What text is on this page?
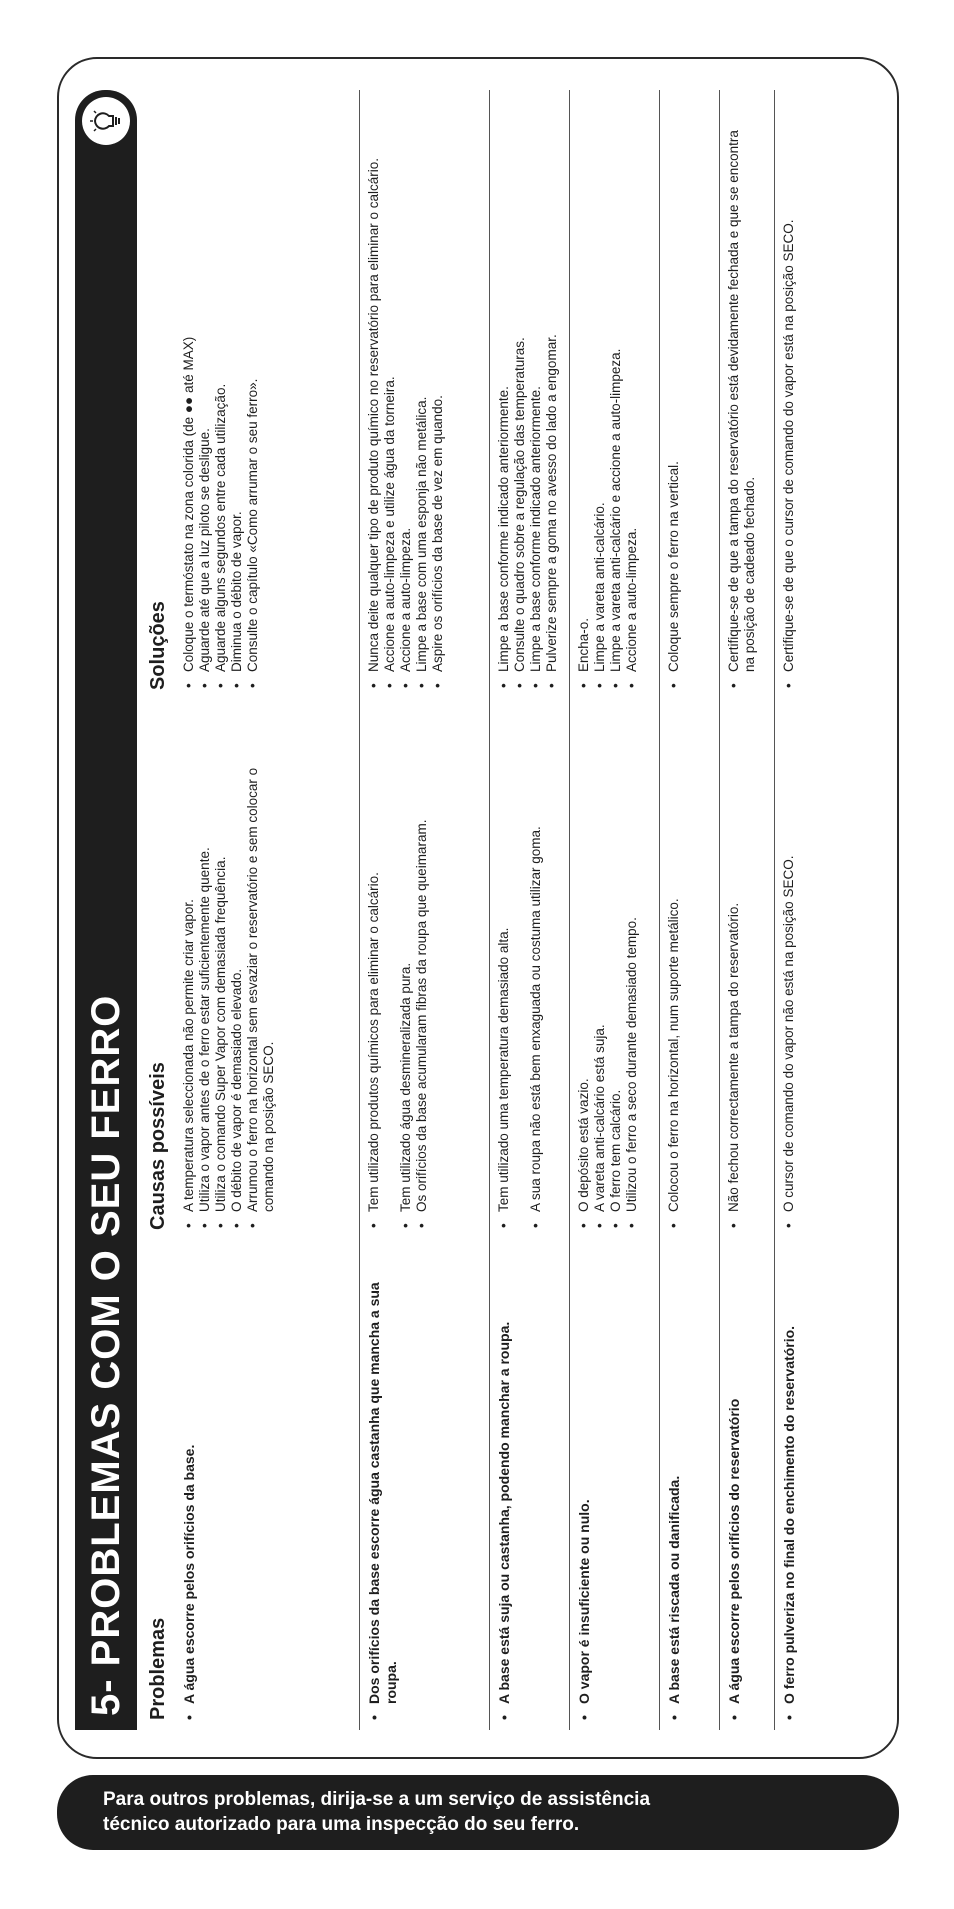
5- PROBLEMAS COM O SEU FERRO Problemas
Causas possíveis
Soluções
• A água escorre pelos orifícios da base.
• A temperatura seleccionada não permite criar vapor. • Utiliza o vapor antes de o ferro estar suficientemente quente. • Utiliza o comando Super Vapor com demasiada frequência. • O débito de vapor é demasiado elevado. • Arrumou o ferro na horizontal sem esvaziar o reservatório e sem colocar o comando na posição SECO.
• Coloque o termóstato na zona colorida (de ●● até MAX) • Aguarde até que a luz piloto se desligue. • Aguarde alguns segundos entre cada utilização. • Diminua o débito de vapor. • Consulte o capítulo «Como arrumar o seu ferro».
• Dos orifícios da base escorre água castanha que mancha a sua roupa.
• Tem utilizado produtos químicos para eliminar o calcário. • Tem utilizado água desmineralizada pura. • Os orifícios da base acumularam fibras da roupa que queimaram.
• Nunca deite qualquer tipo de produto químico no reservatório para eliminar o calcário. • Accione a auto-limpeza e utilize água da torneira. • Accione a auto-limpeza. • Limpe a base com uma esponja não metálica. • Aspire os orifícios da base de vez em quando.
• A base está suja ou castanha, podendo manchar a roupa.
• Tem utilizado uma temperatura demasiado alta. • A sua roupa não está bem enxaguada ou costuma utilizar goma.
• Limpe a base conforme indicado anteriormente. • Consulte o quadro sobre a regulação das temperaturas. • Limpe a base conforme indicado anteriormente. • Pulverize sempre a goma no avesso do lado a engomar.
• O vapor é insuficiente ou nulo.
• O depósito está vazio. • A vareta anti-calcário está suja. • O ferro tem calcário. • Utilizou o ferro a seco durante demasiado tempo.
• Encha-o. • Limpe a vareta anti-calcário. • Limpe a vareta anti-calcário e accione a auto-limpeza. • Accione a auto-limpeza.
• A base está riscada ou danificada.
• Colocou o ferro na horizontal, num suporte metálico.
• Coloque sempre o ferro na vertical.
• A água escorre pelos orifícios do reservatório
• Não fechou correctamente a tampa do reservatório.
• Certifique-se de que a tampa do reservatório está devidamente fechada e que se encontra na posição de cadeado fechado.
• O ferro pulveriza no final do enchimento do reservatório.
• O cursor de comando do vapor não está na posição SECO.
• Certifique-se de que o cursor de comando do vapor está na posição SECO.
Para outros problemas, dirija-se a um serviço de assistência
técnico autorizado para uma inspecção do seu ferro.
